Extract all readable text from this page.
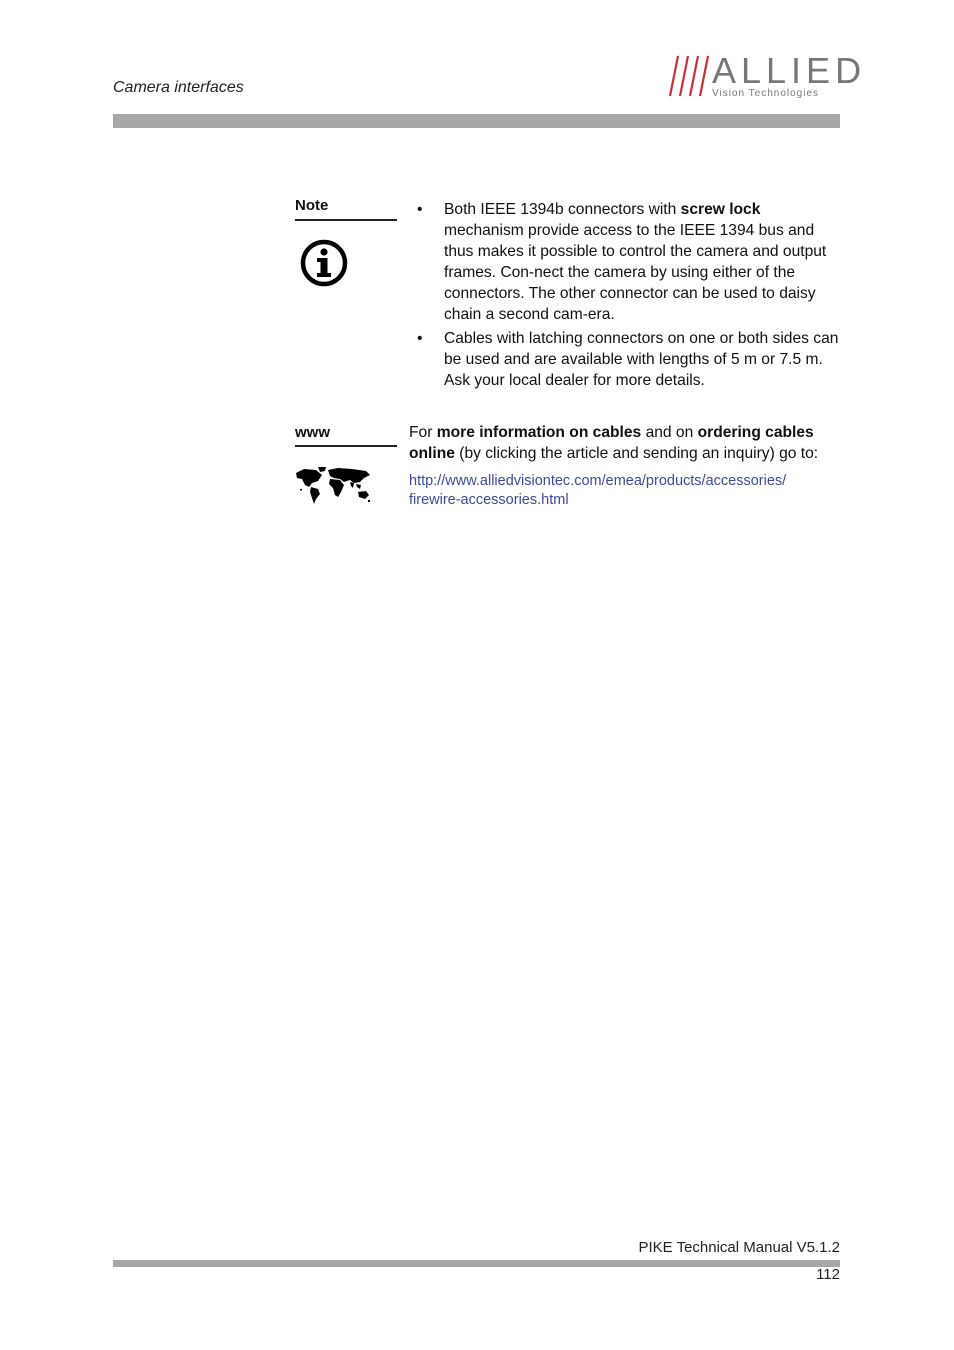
Camera interfaces	ALLIED
Vision Technologies
Note	• Both IEEE 1394b connectors with screw lock mechanism provide access to the IEEE 1394 bus and thus makes it possible to control the camera and output frames. Con-nect the camera by using either of the connectors. The other connector can be used to daisy chain a second cam-era.
• Cables with latching connectors on one or both sides can be used and are available with lengths of 5 m or 7.5 m. Ask your local dealer for more details.
www	For more information on cables and on ordering cables online (by clicking the article and sending an inquiry) go to:
http://www.alliedvisiontec.com/emea/products/accessories/
firewire-accessories.html
PIKE Technical Manual V5.1.2
112
